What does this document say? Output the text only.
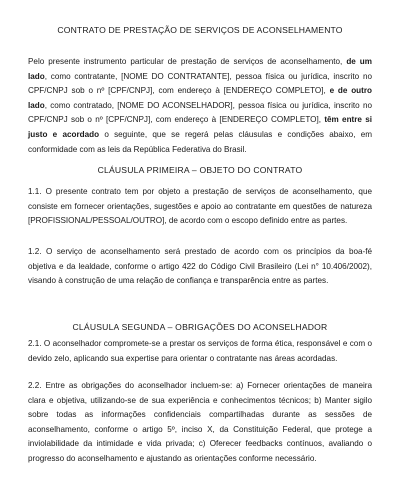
CONTRATO DE PRESTAÇÃO DE SERVIÇOS DE ACONSELHAMENTO

Pelo presente instrumento particular de prestação de serviços de aconselhamento, de um lado, como contratante, [NOME DO CONTRATANTE], pessoa física ou jurídica, inscrito no CPF/CNPJ sob o nº [CPF/CNPJ], com endereço à [ENDEREÇO COMPLETO], e de outro lado, como contratado, [NOME DO ACONSELHADOR], pessoa física ou jurídica, inscrito no CPF/CNPJ sob o nº [CPF/CNPJ], com endereço à [ENDEREÇO COMPLETO], têm entre si justo e acordado o seguinte, que se regerá pelas cláusulas e condições abaixo, em conformidade com as leis da República Federativa do Brasil.

CLÁUSULA PRIMEIRA – OBJETO DO CONTRATO

1.1. O presente contrato tem por objeto a prestação de serviços de aconselhamento, que consiste em fornecer orientações, sugestões e apoio ao contratante em questões de natureza [PROFISSIONAL/PESSOAL/OUTRO], de acordo com o escopo definido entre as partes.

1.2. O serviço de aconselhamento será prestado de acordo com os princípios da boa-fé objetiva e da lealdade, conforme o artigo 422 do Código Civil Brasileiro (Lei n° 10.406/2002), visando à construção de uma relação de confiança e transparência entre as partes.

CLÁUSULA SEGUNDA – OBRIGAÇÕES DO ACONSELHADOR

2.1. O aconselhador compromete-se a prestar os serviços de forma ética, responsável e com o devido zelo, aplicando sua expertise para orientar o contratante nas áreas acordadas.

2.2. Entre as obrigações do aconselhador incluem-se: a) Fornecer orientações de maneira clara e objetiva, utilizando-se de sua experiência e conhecimentos técnicos; b) Manter sigilo sobre todas as informações confidenciais compartilhadas durante as sessões de aconselhamento, conforme o artigo 5º, inciso X, da Constituição Federal, que protege a inviolabilidade da intimidade e vida privada; c) Oferecer feedbacks contínuos, avaliando o progresso do aconselhamento e ajustando as orientações conforme necessário.
